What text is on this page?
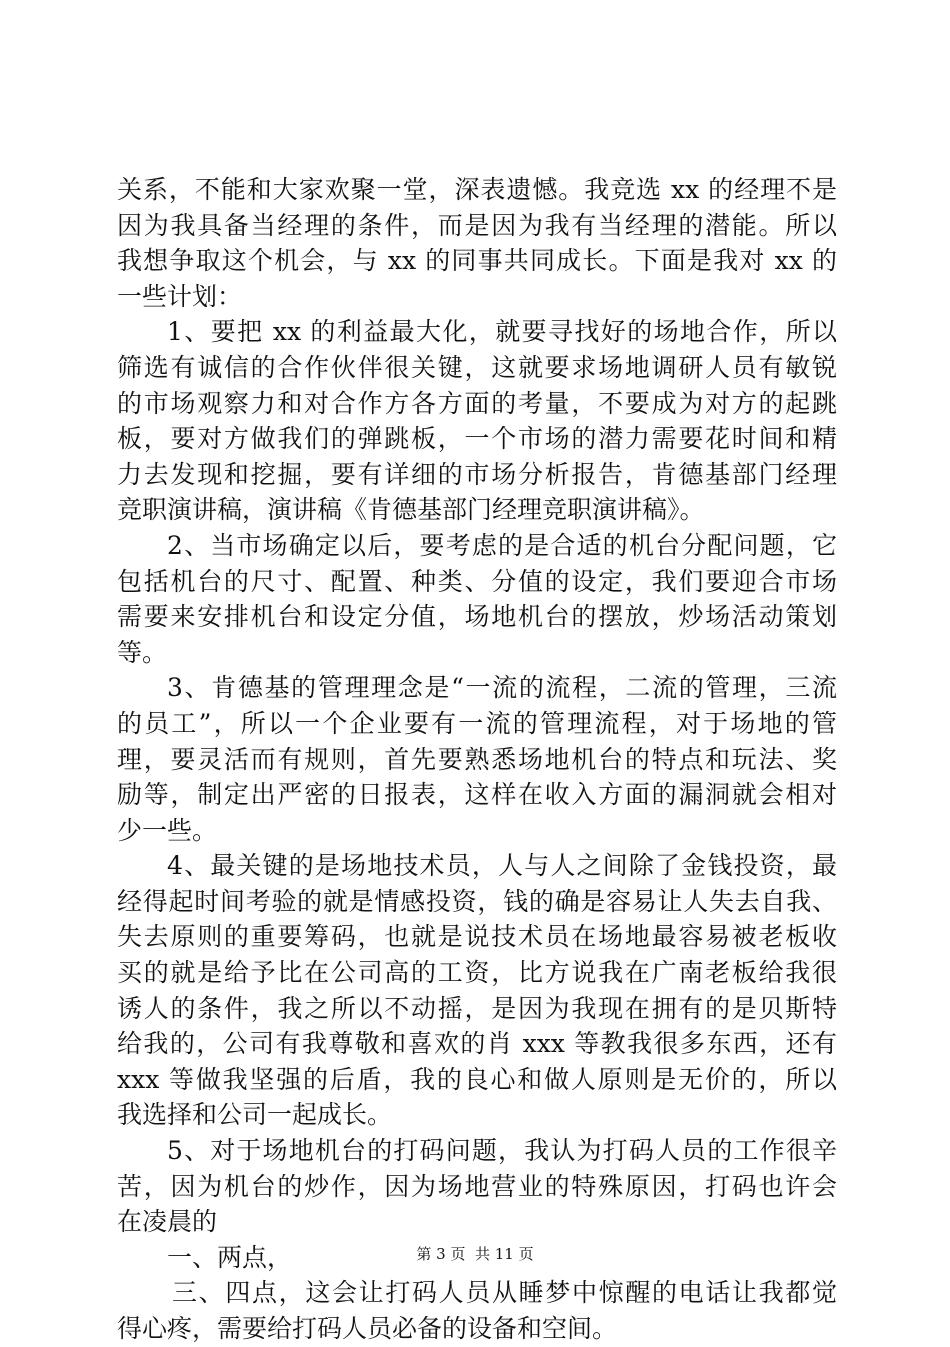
关系，不能和大家欢聚一堂，深表遗憾。我竞选 xx 的经理不是
因为我具备当经理的条件，而是因为我有当经理的潜能。所以
我想争取这个机会，与 xx 的同事共同成长。下面是我对 xx 的
一些计划：
1、要把 xx 的利益最大化，就要寻找好的场地合作，所以
筛选有诚信的合作伙伴很关键，这就要求场地调研人员有敏锐
的市场观察力和对合作方各方面的考量，不要成为对方的起跳
板，要对方做我们的弹跳板，一个市场的潜力需要花时间和精
力去发现和挖掘，要有详细的市场分析报告，肯德基部门经理
竞职演讲稿，演讲稿《肯德基部门经理竞职演讲稿》。
2、当市场确定以后，要考虑的是合适的机台分配问题，它
包括机台的尺寸、配置、种类、分值的设定，我们要迎合市场
需要来安排机台和设定分值，场地机台的摆放，炒场活动策划
等。
3、肯德基的管理理念是“一流的流程，二流的管理，三流
的员工”，所以一个企业要有一流的管理流程，对于场地的管
理，要灵活而有规则，首先要熟悉场地机台的特点和玩法、奖
励等，制定出严密的日报表，这样在收入方面的漏洞就会相对
少一些。
4、最关键的是场地技术员，人与人之间除了金钱投资，最
经得起时间考验的就是情感投资，钱的确是容易让人失去自我、
失去原则的重要筹码，也就是说技术员在场地最容易被老板收
买的就是给予比在公司高的工资，比方说我在广南老板给我很
诱人的条件，我之所以不动摇，是因为我现在拥有的是贝斯特
给我的，公司有我尊敬和喜欢的肖 xxx 等教我很多东西，还有
xxx 等做我坚强的后盾，我的良心和做人原则是无价的，所以
我选择和公司一起成长。
5、对于场地机台的打码问题，我认为打码人员的工作很辛
苦，因为机台的炒作，因为场地营业的特殊原因，打码也许会
在凌晨的
一、两点，
三、四点，这会让打码人员从睡梦中惊醒的电话让我都觉
得心疼，需要给打码人员必备的设备和空间。
第 3 页  共 11 页
